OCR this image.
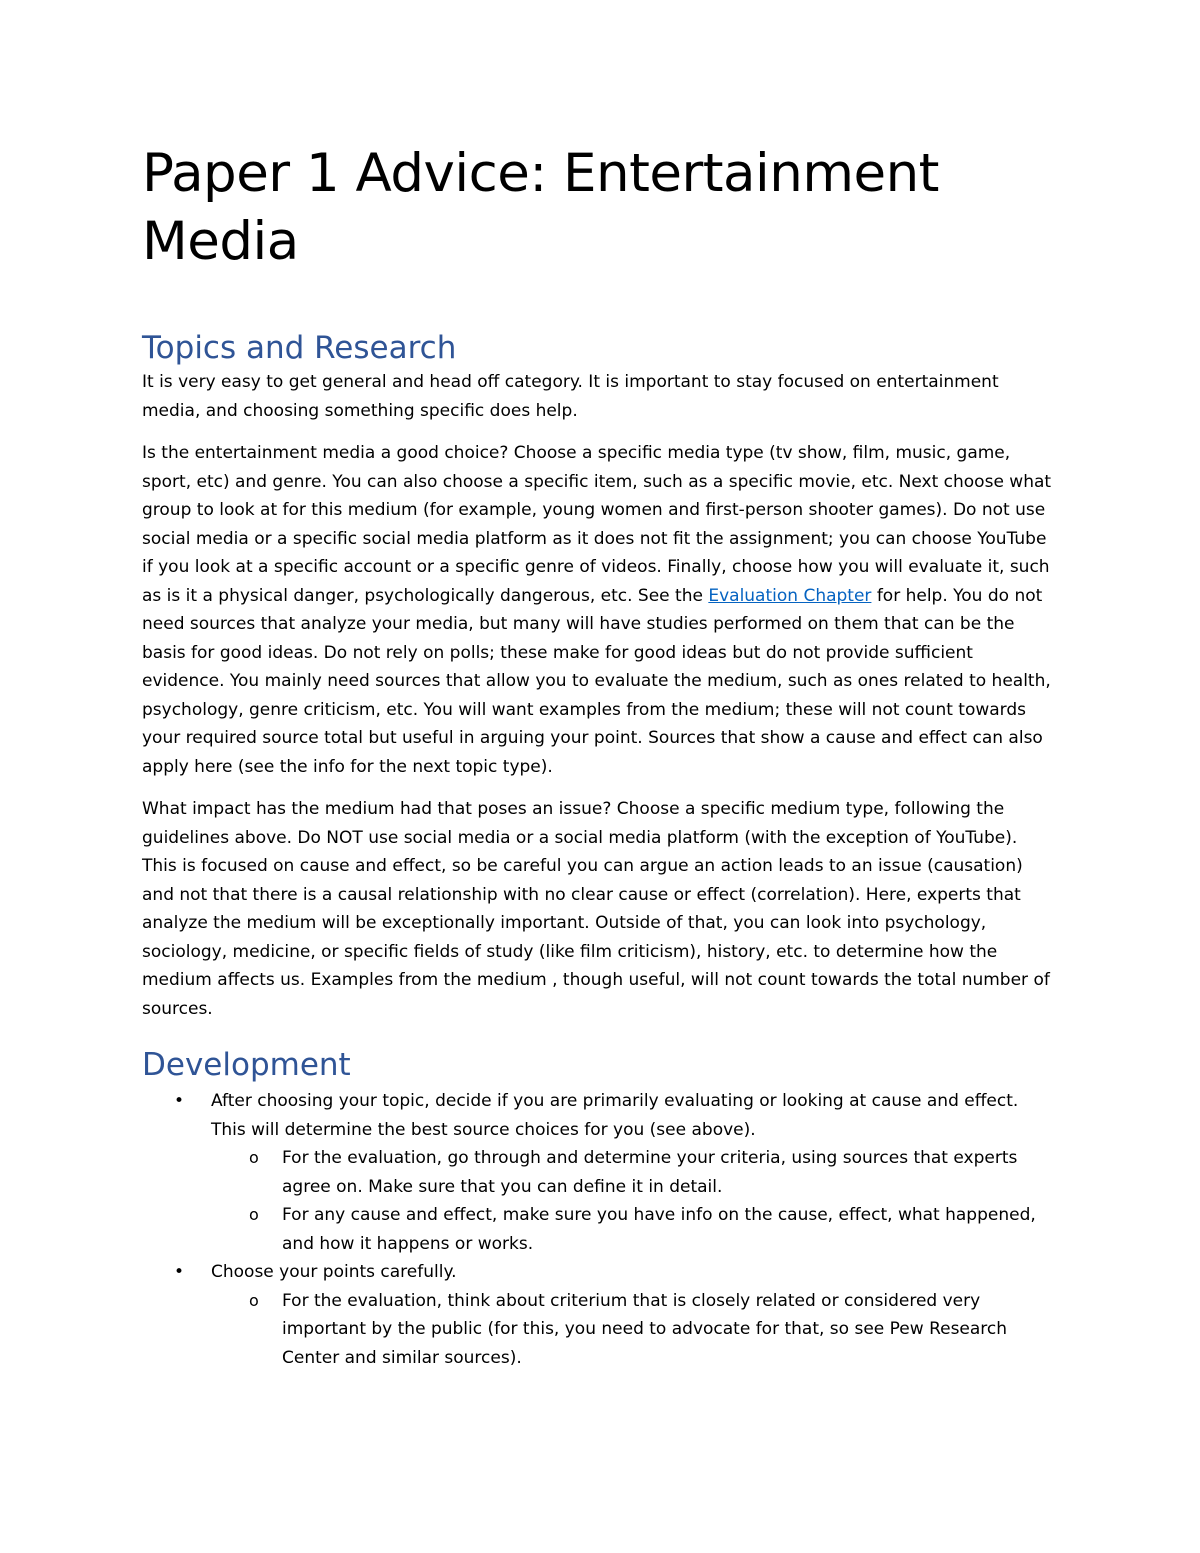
Paper 1 Advice: Entertainment Media
Topics and Research

It is very easy to get general and head off category. It is important to stay focused on entertainment media, and choosing something specific does help.

Is the entertainment media a good choice? Choose a specific media type (tv show, film, music, game, sport, etc) and genre. You can also choose a specific item, such as a specific movie, etc. Next choose what group to look at for this medium (for example, young women and first-person shooter games). Do not use social media or a specific social media platform as it does not fit the assignment; you can choose YouTube if you look at a specific account or a specific genre of videos. Finally, choose how you will evaluate it, such as is it a physical danger, psychologically dangerous, etc. See the Evaluation Chapter for help. You do not need sources that analyze your media, but many will have studies performed on them that can be the basis for good ideas. Do not rely on polls; these make for good ideas but do not provide sufficient evidence. You mainly need sources that allow you to evaluate the medium, such as ones related to health, psychology, genre criticism, etc. You will want examples from the medium; these will not count towards your required source total but useful in arguing your point. Sources that show a cause and effect can also apply here (see the info for the next topic type).

What impact has the medium had that poses an issue? Choose a specific medium type, following the guidelines above. Do NOT use social media or a social media platform (with the exception of YouTube). This is focused on cause and effect, so be careful you can argue an action leads to an issue (causation) and not that there is a causal relationship with no clear cause or effect (correlation). Here, experts that analyze the medium will be exceptionally important. Outside of that, you can look into psychology, sociology, medicine, or specific fields of study (like film criticism), history, etc. to determine how the medium affects us. Examples from the medium , though useful, will not count towards the total number of sources.

Development
• After choosing your topic, decide if you are primarily evaluating or looking at cause and effect. This will determine the best source choices for you (see above).
o For the evaluation, go through and determine your criteria, using sources that experts agree on. Make sure that you can define it in detail.
o For any cause and effect, make sure you have info on the cause, effect, what happened, and how it happens or works.
• Choose your points carefully.
o For the evaluation, think about criterium that is closely related or considered very important by the public (for this, you need to advocate for that, so see Pew Research Center and similar sources).
